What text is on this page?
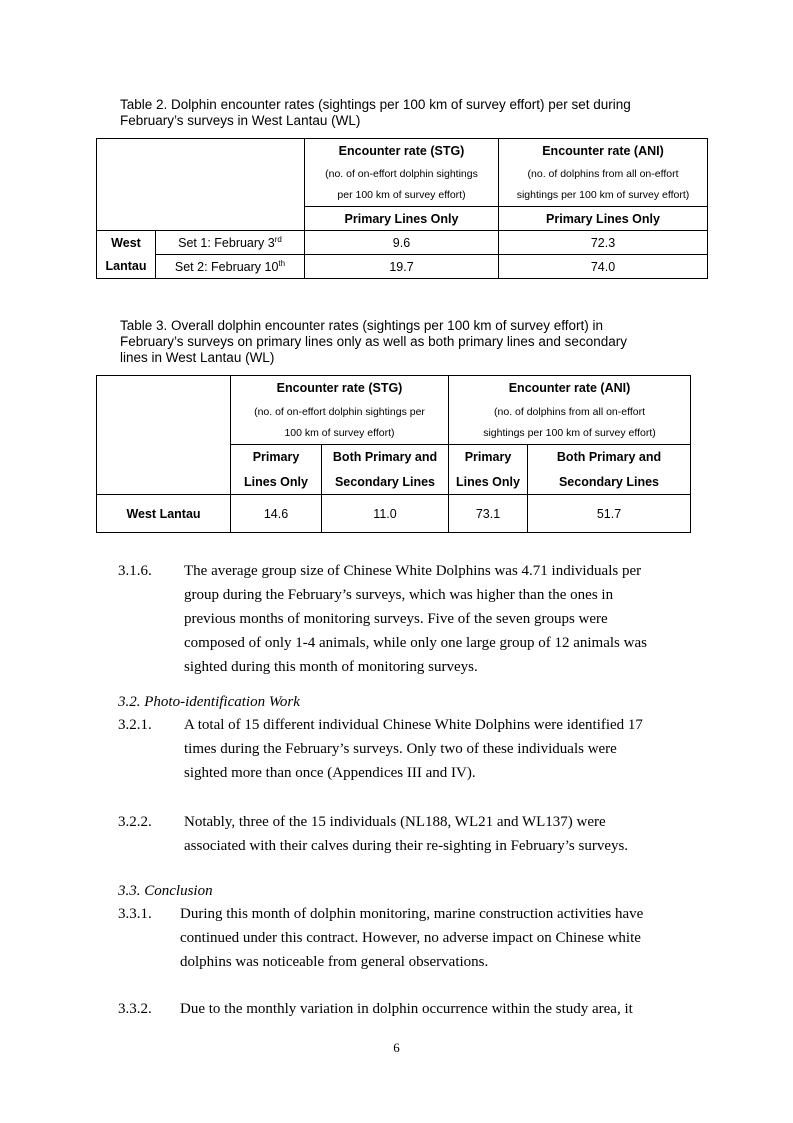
Table 2. Dolphin encounter rates (sightings per 100 km of survey effort) per set during
February’s surveys in West Lantau (WL)
		Encounter rate (STG)	Encounter rate (ANI)
		(no. of on-effort dolphin sightings	(no. of dolphins from all on-effort
		per 100 km of survey effort)	sightings per 100 km of survey effort)
		Primary Lines Only	Primary Lines Only
West	Set 1: February 3rd	9.6	72.3
Lantau	Set 2: February 10th	19.7	74.0
Table 3. Overall dolphin encounter rates (sightings per 100 km of survey effort) in
February’s surveys on primary lines only as well as both primary lines and secondary
lines in West Lantau (WL)
	Encounter rate (STG)		Encounter rate (ANI)	
	(no. of on-effort dolphin sightings per		(no. of dolphins from all on-effort	
	100 km of survey effort)		sightings per 100 km of survey effort)	
	Primary	Both Primary and	Primary	Both Primary and
	Lines Only	Secondary Lines	Lines Only	Secondary Lines
West Lantau	14.6	11.0	73.1	51.7
3.1.6. The average group size of Chinese White Dolphins was 4.71 individuals per
group during the February’s surveys, which was higher than the ones in
previous months of monitoring surveys. Five of the seven groups were
composed of only 1-4 animals, while only one large group of 12 animals was
sighted during this month of monitoring surveys.
3.2. Photo-identification Work
3.2.1. A total of 15 different individual Chinese White Dolphins were identified 17
times during the February’s surveys. Only two of these individuals were
sighted more than once (Appendices III and IV).
3.2.2. Notably, three of the 15 individuals (NL188, WL21 and WL137) were
associated with their calves during their re-sighting in February’s surveys.
3.3. Conclusion
3.3.1. During this month of dolphin monitoring, marine construction activities have
continued under this contract. However, no adverse impact on Chinese white
dolphins was noticeable from general observations.
3.3.2. Due to the monthly variation in dolphin occurrence within the study area, it
6
